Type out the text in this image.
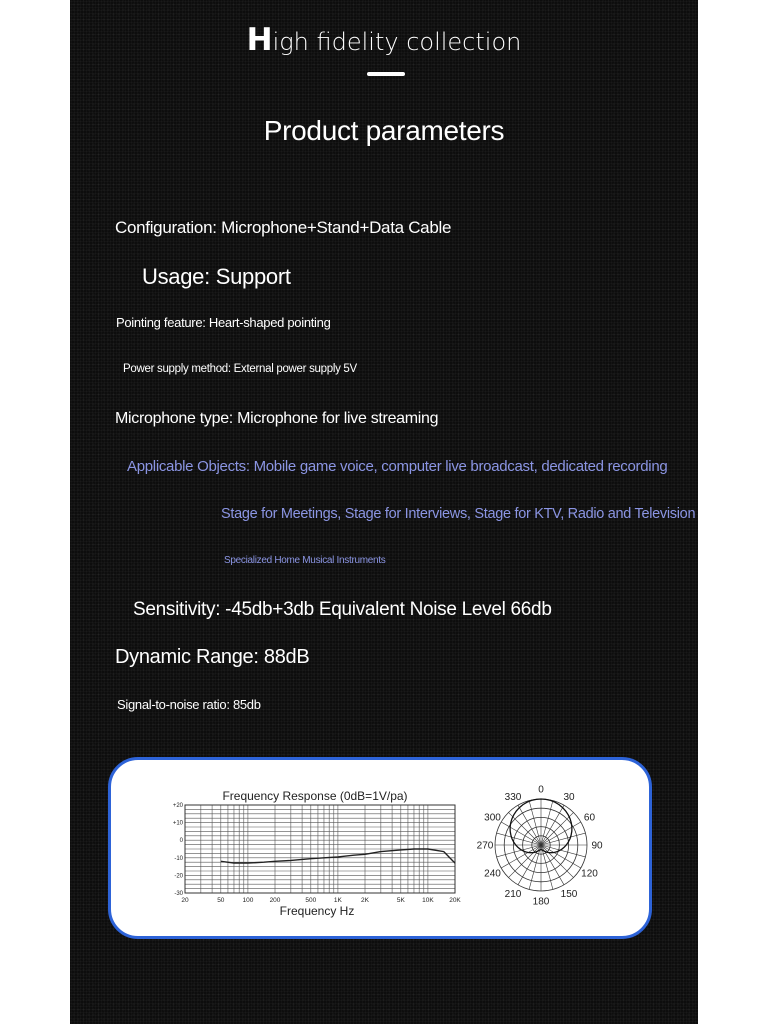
High fidelity collection
Product parameters
Configuration: Microphone+Stand+Data Cable
Usage: Support
Pointing feature: Heart-shaped pointing
Power supply method: External power supply 5V
Microphone type: Microphone for live streaming
Applicable Objects: Mobile game voice, computer live broadcast, dedicated recording
Stage for Meetings, Stage for Interviews, Stage for KTV, Radio and Television
Specialized Home Musical Instruments
Sensitivity: -45db+3db Equivalent Noise Level 66db
Dynamic Range: 88dB
Signal-to-noise ratio: 85db
Frequency Response (0dB=1V/pa)
+20
+10
0
-10
-20
-30
20	50	100 200	500	1K	2K	5K	10K 20K
Frequency Hz
0
30
60
90
120
150
180
210
240
270
300
330
